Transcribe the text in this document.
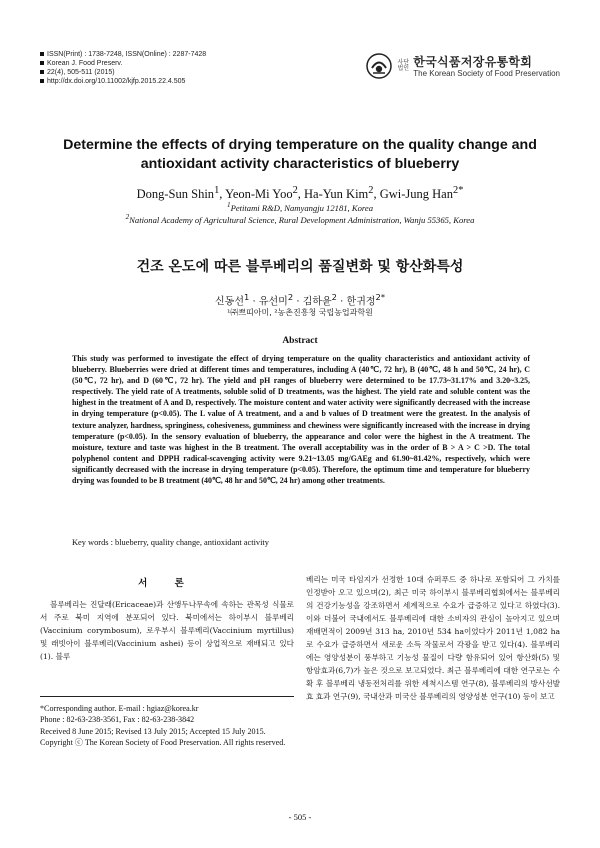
ISSN(Print) : 1738-7248, ISSN(Online) : 2287-7428
Korean J. Food Preserv.
22(4), 505-511 (2015)
http://dx.doi.org/10.11002/kjfp.2015.22.4.505
사단 법인
한국식품저장유통학회
The Korean Society of Food Preservation
Determine the effects of drying temperature on the quality change and
antioxidant activity characteristics of blueberry
Dong-Sun Shin$^1$, Yeon-Mi Yoo$^2$, Ha-Yun Kim$^2$, Gwi-Jung Han$^{2*}$
$^1$Petitami R&D, Namyangju 12181, Korea
$^2$National Academy of Agricultural Science, Rural Development Administration, Wanju 55365, Korea
건조 온도에 따른 블루베리의 품질변화 및 항산화특성
신동선$^1$ · 유선미$^2$ · 김하윤$^2$ · 한귀정$^{2*}$
¹㈜쁘띠아미, ²농촌진흥청 국립농업과학원
Abstract

This study was performed to investigate the effect of drying temperature on the quality characteristics and antioxidant activity of blueberry. Blueberries were dried at different times and temperatures, including A (40℃, 72 hr), B (40℃, 48 h and 50℃, 24 hr), C (50℃, 72 hr), and D (60℃, 72 hr). The yield and pH ranges of blueberry were determined to be 17.73~31.17% and 3.20~3.25, respectively. The yield rate of A treatments, soluble solid of D treatments, was the highest. The yield rate and soluble content was the highest in the treatment of A and D, respectively. The moisture content and water activity were significantly decreased with the increase in drying temperature (p<0.05). The L value of A treatment, and a and b values of D treatment were the greatest. In the analysis of texture analyzer, hardness, springiness, cohesiveness, gumminess and chewiness were significantly increased with the increase in drying temperature (p<0.05). In the sensory evaluation of blueberry, the appearance and color were the highest in the A treatment. The moisture, texture and taste was highest in the B treatment. The overall acceptability was in the order of B > A > C >D. The total polyphenol content and DPPH radical-scavenging activity were 9.21~13.05 mg/GAEg and 61.90~81.42%, respectively, which were significantly decreased with the increase in drying temperature (p<0.05). Therefore, the optimum time and temperature for blueberry drying was founded to be B treatment (40℃, 48 hr and 50℃, 24 hr) among other treatments.

Key words : blueberry, quality change, antioxidant activity
서 론

블루베리는 진달래(Ericaceae)과 산앵두나무속에 속하는 관목성 식물로서 주로 북미 지역에 분포되어 있다. 북미에서는 하이부시 블루베리(Vaccinium corymbosum), 로우부시 블루베리(Vaccinium myrtillus) 및 래빗아이 블루베리(Vaccinium ashei) 등이 상업적으로 재배되고 있다(1). 블루

베리는 미국 타임지가 선정한 10대 슈퍼푸드 중 하나로 포함되어 그 가치를 인정받아 오고 있으며(2), 최근 미국 하이부시 블루베리협회에서는 블루베리의 건강기능성을 강조하면서 세계적으로 수요가 급증하고 있다고 하였다(3). 이와 더불어 국내에서도 블루베리에 대한 소비자의 관심이 높아지고 있으며 재배면적이 2009년 313 ha, 2010년 534 ha이었다가 2011년 1,082 ha로 수요가 급증하면서 새로운 소득 작물로서 각광을 받고 있다(4). 블루베리에는 영양성분이 풍부하고 기능성 물질이 다량 함유되어 있어 항산화(5) 및 항암효과(6,7)가 높은 것으로 보고되었다. 최근 블루베리에 대한 연구로는 수확 후 블루베리 냉동전처리를 위한 세척시스템 연구(8), 블루베리의 방사선발효 효과 연구(9), 국내산과 미국산 블루베리의 영양성분 연구(10) 등이 보고

*Corresponding author. E-mail : hgiaz@korea.kr
Phone : 82-63-238-3561, Fax : 82-63-238-3842
Received 8 June 2015; Revised 13 July 2015; Accepted 15 July 2015.
Copyright ⓒ The Korean Society of Food Preservation. All rights reserved.
- 505 -
